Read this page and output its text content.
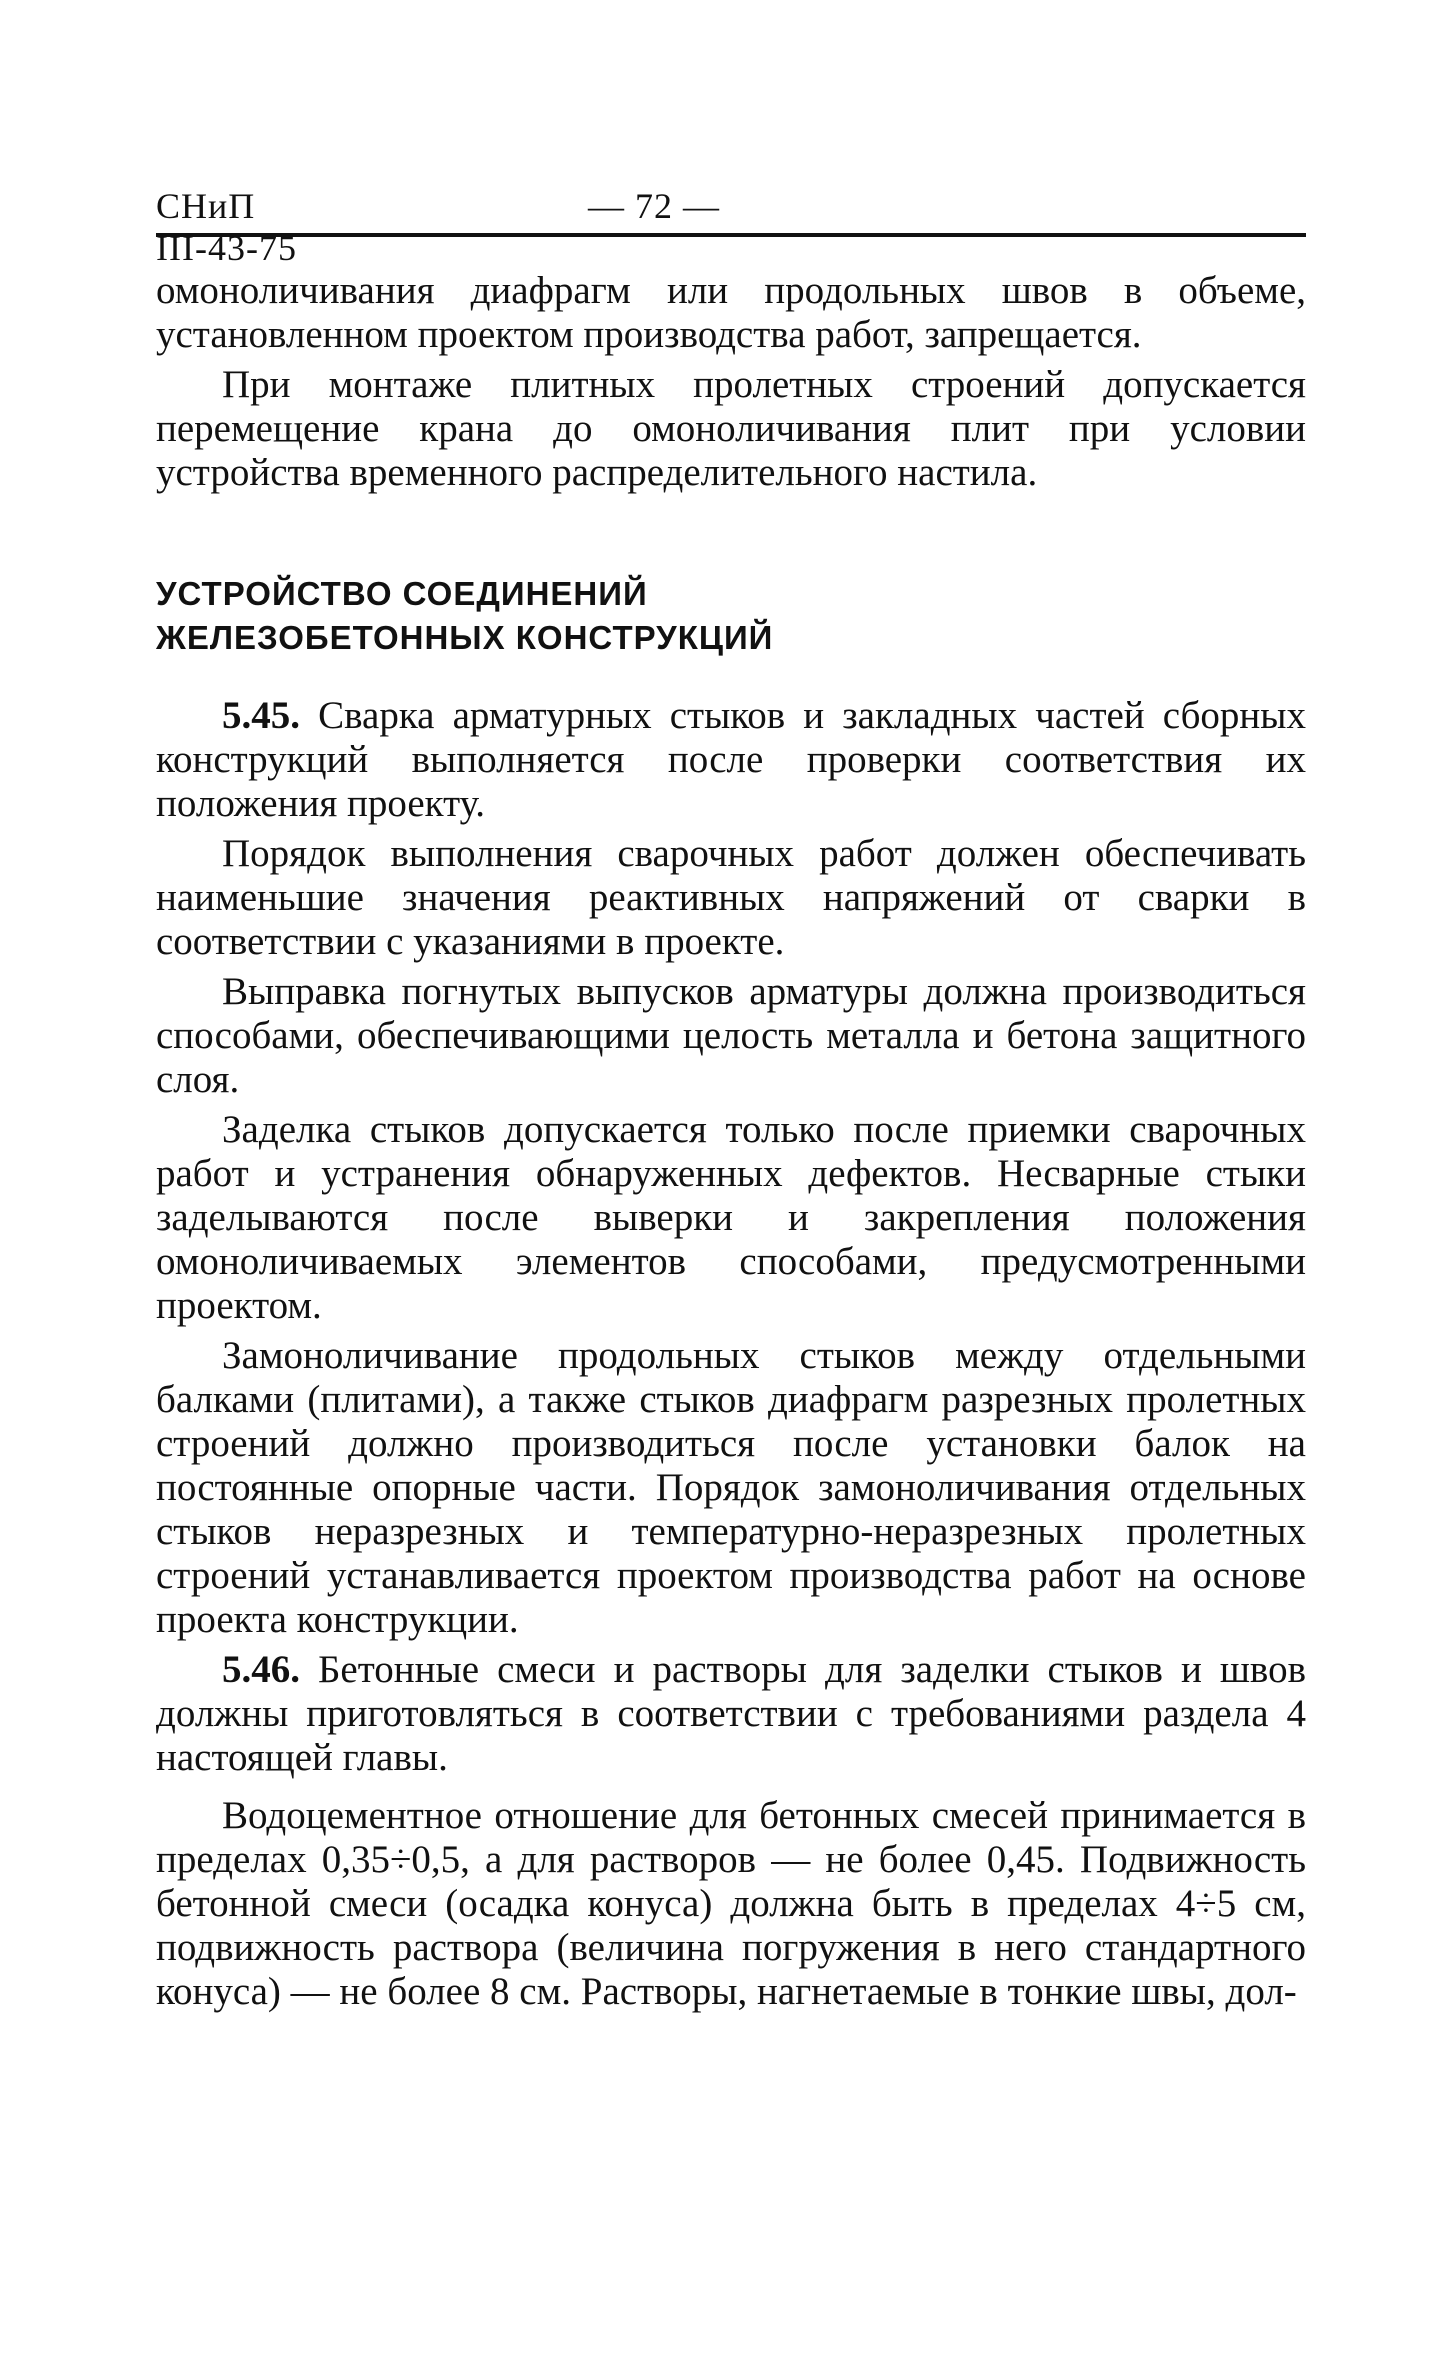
СНиП III-43-75
— 72 —

омоноличивания диафрагм или продольных швов в объеме, установленном проектом производства работ, запрещается.

При монтаже плитных пролетных строений допускается перемещение крана до омоноличивания плит при условии устройства временного распределительного настила.

УСТРОЙСТВО СОЕДИНЕНИЙ
ЖЕЛЕЗОБЕТОННЫХ КОНСТРУКЦИЙ

5.45. Сварка арматурных стыков и закладных частей сборных конструкций выполняется после проверки соответствия их положения проекту.

Порядок выполнения сварочных работ должен обеспечивать наименьшие значения реактивных напряжений от сварки в соответствии с указаниями в проекте.

Выправка погнутых выпусков арматуры должна производиться способами, обеспечивающими целость металла и бетона защитного слоя.

Заделка стыков допускается только после приемки сварочных работ и устранения обнаруженных дефектов. Несварные стыки заделываются после выверки и закрепления положения омоноличиваемых элементов способами, предусмотренными проектом.

Замоноличивание продольных стыков между отдельными балками (плитами), а также стыков диафрагм разрезных пролетных строений должно производиться после установки балок на постоянные опорные части. Порядок замоноличивания отдельных стыков неразрезных и температурно-неразрезных пролетных строений устанавливается проектом производства работ на основе проекта конструкции.

5.46. Бетонные смеси и растворы для заделки стыков и швов должны приготовляться в соответствии с требованиями раздела 4 настоящей главы.

Водоцементное отношение для бетонных смесей принимается в пределах 0,35÷0,5, а для растворов — не более 0,45. Подвижность бетонной смеси (осадка конуса) должна быть в пределах 4÷5 см, подвижность раствора (величина погружения в него стандартного конуса) — не более 8 см. Растворы, нагнетаемые в тонкие швы, дол-
